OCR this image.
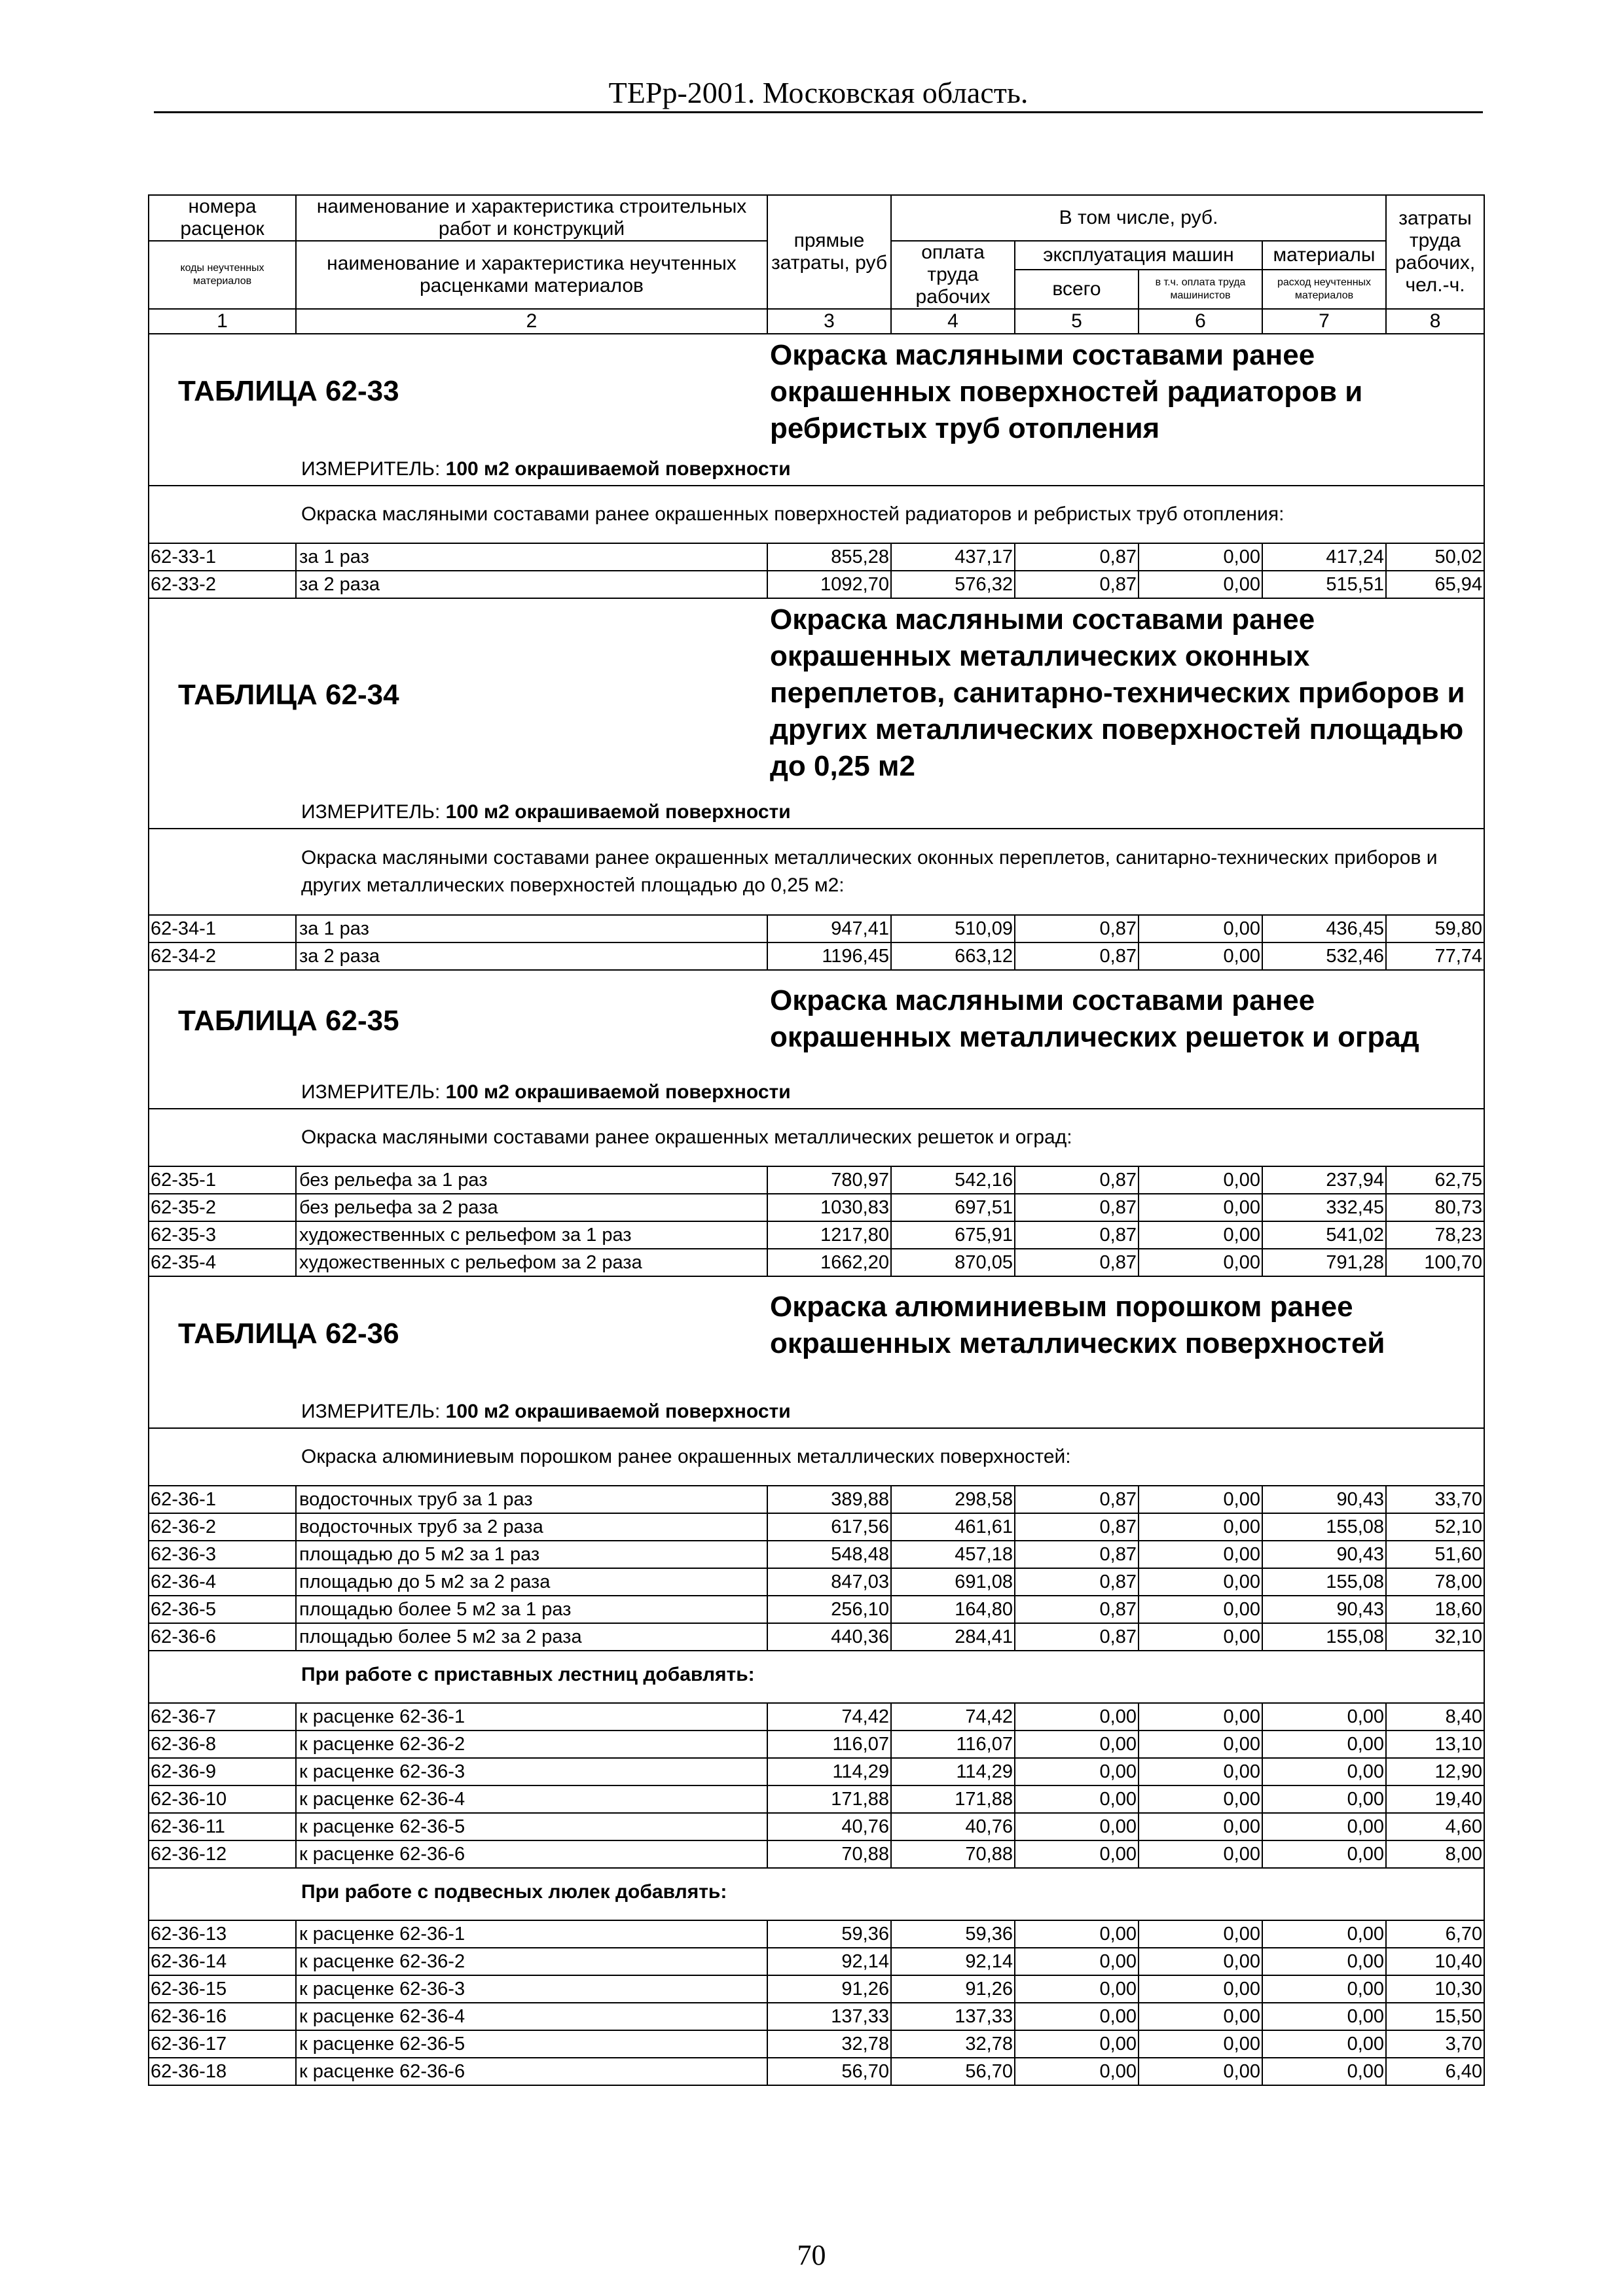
ТЕРр-2001. Московская область.
номера расценок	наименование и характеристика строительных работ и конструкций	прямые затраты, руб	В том числе, руб.				затраты труда рабочих, чел.-ч.
коды неучтенных материалов	наименование и характеристика неучтенных расценками материалов		оплата труда рабочих	эксплуатация машин		материалы	
				всего	в т.ч. оплата труда машинистов	расход неучтенных материалов	
1	2	3	4	5	6	7	8

ТАБЛИЦА 62-33
Окраска масляными составами ранее окрашенных поверхностей радиаторов и ребристых труб отопления
ИЗМЕРИТЕЛЬ: 100 м2 окрашиваемой поверхности							

Окраска масляными составами ранее окрашенных поверхностей радиаторов и ребристых труб отопления:							
62-33-1	за 1 раз	855,28	437,17	0,87	0,00	417,24	50,02
62-33-2	за 2 раза	1092,70	576,32	0,87	0,00	515,51	65,94

ТАБЛИЦА 62-34
Окраска масляными составами ранее окрашенных металлических оконных переплетов, санитарно-технических приборов и других металлических поверхностей площадью до 0,25 м2
ИЗМЕРИТЕЛЬ: 100 м2 окрашиваемой поверхности							

Окраска масляными составами ранее окрашенных металлических оконных переплетов, санитарно-технических приборов и других металлических поверхностей площадью до 0,25 м2:							
62-34-1	за 1 раз	947,41	510,09	0,87	0,00	436,45	59,80
62-34-2	за 2 раза	1196,45	663,12	0,87	0,00	532,46	77,74

ТАБЛИЦА 62-35
Окраска масляными составами ранее окрашенных металлических решеток и оград
ИЗМЕРИТЕЛЬ: 100 м2 окрашиваемой поверхности							

Окраска масляными составами ранее окрашенных металлических решеток и оград:							
62-35-1	без рельефа за 1 раз	780,97	542,16	0,87	0,00	237,94	62,75
62-35-2	без рельефа за 2 раза	1030,83	697,51	0,87	0,00	332,45	80,73
62-35-3	художественных с рельефом за 1 раз	1217,80	675,91	0,87	0,00	541,02	78,23
62-35-4	художественных с рельефом за 2 раза	1662,20	870,05	0,87	0,00	791,28	100,70

ТАБЛИЦА 62-36
Окраска алюминиевым порошком ранее окрашенных металлических поверхностей
ИЗМЕРИТЕЛЬ: 100 м2 окрашиваемой поверхности							

Окраска алюминиевым порошком ранее окрашенных металлических поверхностей:							
62-36-1	водосточных труб за 1 раз	389,88	298,58	0,87	0,00	90,43	33,70
62-36-2	водосточных труб за 2 раза	617,56	461,61	0,87	0,00	155,08	52,10
62-36-3	площадью до 5 м2 за 1 раз	548,48	457,18	0,87	0,00	90,43	51,60
62-36-4	площадью до 5 м2 за 2 раза	847,03	691,08	0,87	0,00	155,08	78,00
62-36-5	площадью более 5 м2 за 1 раз	256,10	164,80	0,87	0,00	90,43	18,60
62-36-6	площадью более 5 м2 за 2 раза	440,36	284,41	0,87	0,00	155,08	32,10
При работе с приставных лестниц добавлять:							
62-36-7	к расценке 62-36-1	74,42	74,42	0,00	0,00	0,00	8,40
62-36-8	к расценке 62-36-2	116,07	116,07	0,00	0,00	0,00	13,10
62-36-9	к расценке 62-36-3	114,29	114,29	0,00	0,00	0,00	12,90
62-36-10	к расценке 62-36-4	171,88	171,88	0,00	0,00	0,00	19,40
62-36-11	к расценке 62-36-5	40,76	40,76	0,00	0,00	0,00	4,60
62-36-12	к расценке 62-36-6	70,88	70,88	0,00	0,00	0,00	8,00
При работе с подвесных люлек добавлять:							
62-36-13	к расценке 62-36-1	59,36	59,36	0,00	0,00	0,00	6,70
62-36-14	к расценке 62-36-2	92,14	92,14	0,00	0,00	0,00	10,40
62-36-15	к расценке 62-36-3	91,26	91,26	0,00	0,00	0,00	10,30
62-36-16	к расценке 62-36-4	137,33	137,33	0,00	0,00	0,00	15,50
62-36-17	к расценке 62-36-5	32,78	32,78	0,00	0,00	0,00	3,70
62-36-18	к расценке 62-36-6	56,70	56,70	0,00	0,00	0,00	6,40
70
